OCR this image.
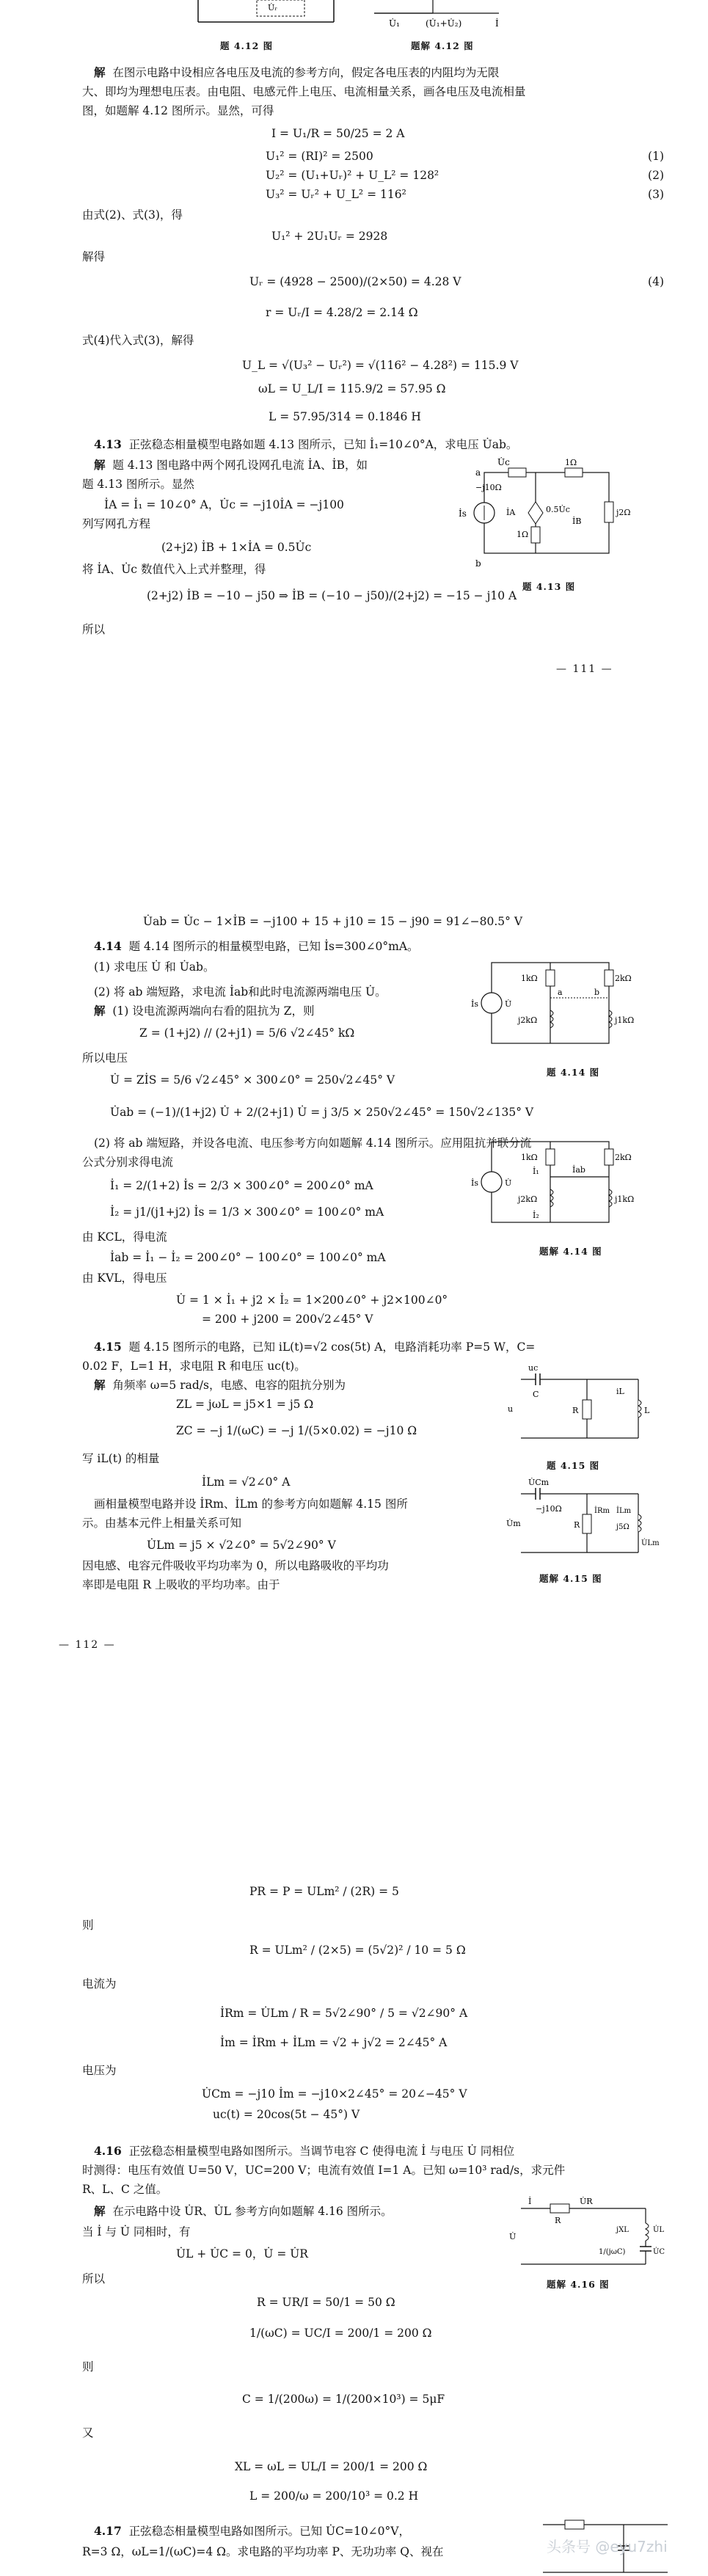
U̇ᵣ
U̇₁	(U̇₁+U̇₂)	İ
题 4.12 图	题解 4.12 图
解 在图示电路中设相应各电压及电流的参考方向，假定各电压表的内阻均为无限
大、即均为理想电压表。由电阻、电感元件上电压、电流相量关系，画各电压及电流相量
图，如题解 4.12 图所示。显然，可得
I = U₁/R = 50/25 = 2 A
U₁² = (RI)² = 2500	(1)
U₂² = (U₁+Uᵣ)² + U_L² = 128²	(2)
U₃² = Uᵣ² + U_L² = 116²	(3)
由式(2)、式(3)，得
U₁² + 2U₁Uᵣ = 2928
解得
Uᵣ = (4928 − 2500)/(2×50) = 4.28 V	(4)
r = Uᵣ/I = 4.28/2 = 2.14 Ω
式(4)代入式(3)，解得
U_L = √(U₃² − Uᵣ²) = √(116² − 4.28²) = 115.9 V
ωL = U_L/I = 115.9/2 = 57.95 Ω
L = 57.95/314 = 0.1846 H
4.13 正弦稳态相量模型电路如题 4.13 图所示，已知 İ₁=10∠0°A，求电压 U̇ab。
解 题 4.13 图电路中两个网孔设网孔电流 İA、İB，如
题 4.13 图所示。显然
İA = İ₁ = 10∠0° A，U̇c = −j10İA = −j100
列写网孔方程
(2+j2) İB + 1×İA = 0.5U̇c
将 İA、U̇c 数值代入上式并整理，得
(2+j2) İB = −10 − j50 ⇒ İB = (−10 − j50)/(2+j2) = −15 − j10 A
所以
U̇c
a
−j10Ω
1Ω
İs	0.5U̇c
1Ω
j2Ω
İA
İB
b
题 4.13 图
— 111 —
U̇ab = U̇c − 1×İB = −j100 + 15 + j10 = 15 − j90 = 91∠−80.5° V
4.14 题 4.14 图所示的相量模型电路，已知 İs=300∠0°mA。
(1) 求电压 U̇ 和 U̇ab。
(2) 将 ab 端短路，求电流 İab和此时电流源两端电压 U̇。
解 (1) 设电流源两端向右看的阻抗为 Z，则
Z = (1+j2) // (2+j1) = 5/6 √2∠45° kΩ
所以电压
U̇ = ZİS = 5/6 √2∠45° × 300∠0° = 250√2∠45° V
U̇ab = (−1)/(1+j2) U̇ + 2/(2+j1) U̇ = j 3/5 × 250√2∠45° = 150√2∠135° V
(2) 将 ab 端短路，并设各电流、电压参考方向如题解 4.14 图所示。应用阻抗并联分流
公式分别求得电流
İ₁ = 2/(1+2) İs = 2/3 × 300∠0° = 200∠0° mA
İ₂ = j1/(j1+j2) İs = 1/3 × 300∠0° = 100∠0° mA
由 KCL，得电流
İab = İ₁ − İ₂ = 200∠0° − 100∠0° = 100∠0° mA
由 KVL，得电压
U̇ = 1 × İ₁ + j2 × İ₂ = 1×200∠0° + j2×100∠0°
= 200 + j200 = 200√2∠45° V
İs	U̇
1kΩ	2kΩ
j2kΩ	j1kΩ
a	b
题 4.14 图
İs	U̇
1kΩ	2kΩ
j2kΩ	j1kΩ
İ₁	İab
İ₂
题解 4.14 图
4.15 题 4.15 图所示的电路，已知 iL(t)=√2 cos(5t) A，电路消耗功率 P=5 W，C=
0.02 F，L=1 H，求电阻 R 和电压 uc(t)。
解 角频率 ω=5 rad/s，电感、电容的阻抗分别为
ZL = jωL = j5×1 = j5 Ω
ZC = −j 1/(ωC) = −j 1/(5×0.02) = −j10 Ω
写 iL(t) 的相量
İLm = √2∠0° A
画相量模型电路并设 İRm、İLm 的参考方向如题解 4.15 图所
示。由基本元件上相量关系可知
U̇Lm = j5 × √2∠0° = 5√2∠90° V
因电感、电容元件吸收平均功率为 0，所以电路吸收的平均功
率即是电阻 R 上吸收的平均功率。由于
uc
C
u	R	L
iL
题 4.15 图
U̇Cm
−j10Ω
U̇m	R
İRm İLm
j5Ω
U̇Lm
题解 4.15 图
— 112 —
PR = P = ULm² / (2R) = 5
则
R = ULm² / (2×5) = (5√2)² / 10 = 5 Ω
电流为
İRm = U̇Lm / R = 5√2∠90° / 5 = √2∠90° A
İm = İRm + İLm = √2 + j√2 = 2∠45° A
电压为
U̇Cm = −j10 İm = −j10×2∠45° = 20∠−45° V
uc(t) = 20cos(5t − 45°) V
4.16 正弦稳态相量模型电路如图所示。当调节电容 C 使得电流 İ 与电压 U̇ 同相位
时测得：电压有效值 U=50 V，UC=200 V；电流有效值 I=1 A。已知 ω=10³ rad/s，求元件
R、L、C 之值。
解 在示电路中设 U̇R、U̇L 参考方向如题解 4.16 图所示。
当 İ 与 U̇ 同相时，有
U̇L + U̇C = 0，U̇ = U̇R
所以
R = UR/I = 50/1 = 50 Ω
1/(ωC) = UC/I = 200/1 = 200 Ω
则
C = 1/(200ω) = 1/(200×10³) = 5μF
又
XL = ωL = UL/I = 200/1 = 200 Ω
L = 200/ω = 200/10³ = 0.2 H
İ
R
U̇R
U̇
jXL	U̇L
1/(jωC)	U̇C
题解 4.16 图
4.17 正弦稳态相量模型电路如图所示。已知 U̇C=10∠0°V，
R=3 Ω，ωL=1/(ωC)=4 Ω。求电路的平均功率 P、无功功率 Q、视在	头条号 @eyu7zhi
